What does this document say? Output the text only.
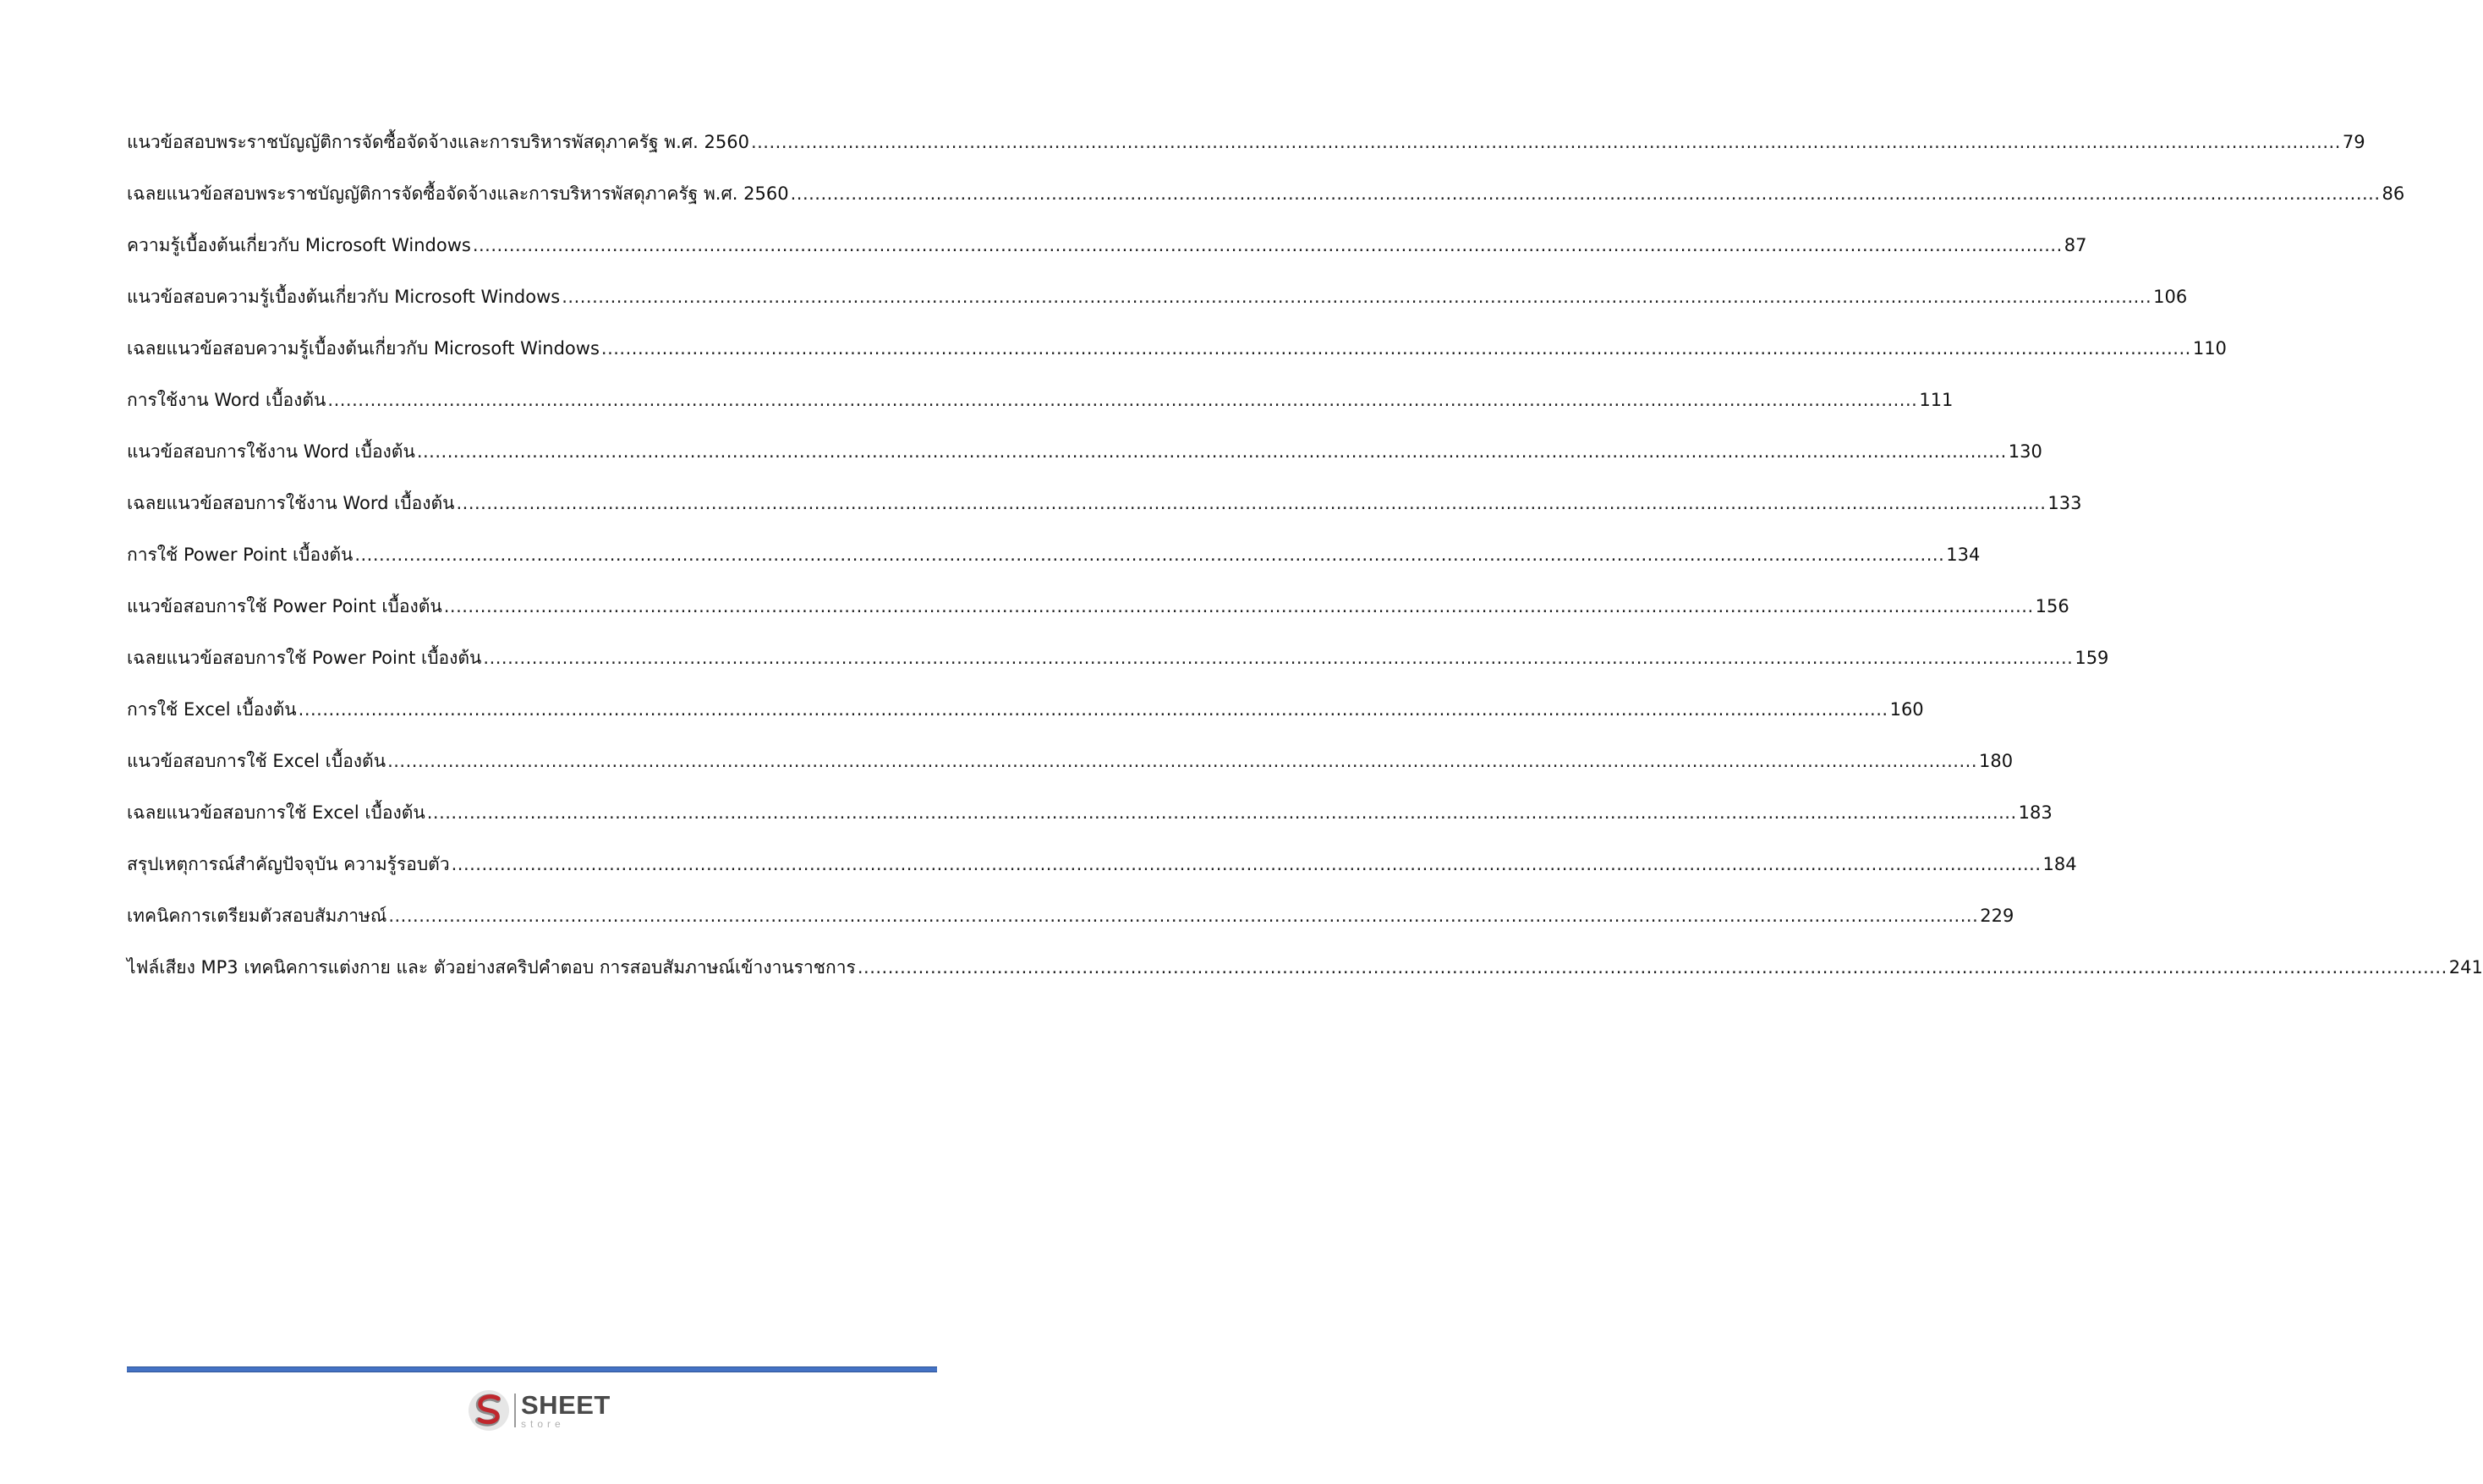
แนวข้อสอบพระราชบัญญัติการจัดซื้อจัดจ้างและการบริหารพัสดุภาครัฐ พ.ศ. 2560 .....	79
เฉลยแนวข้อสอบพระราชบัญญัติการจัดซื้อจัดจ้างและการบริหารพัสดุภาครัฐ พ.ศ. 2560 .....	86
ความรู้เบื้องต้นเกี่ยวกับ Microsoft Windows .....	87
แนวข้อสอบความรู้เบื้องต้นเกี่ยวกับ Microsoft Windows .....	106
เฉลยแนวข้อสอบความรู้เบื้องต้นเกี่ยวกับ Microsoft Windows .....	110
การใช้งาน Word เบื้องต้น .....	111
แนวข้อสอบการใช้งาน Word เบื้องต้น .....	130
เฉลยแนวข้อสอบการใช้งาน Word เบื้องต้น .....	133
การใช้ Power Point เบื้องต้น .....	134
แนวข้อสอบการใช้ Power Point เบื้องต้น .....	156
เฉลยแนวข้อสอบการใช้ Power Point เบื้องต้น .....	159
การใช้ Excel เบื้องต้น .....	160
แนวข้อสอบการใช้ Excel เบื้องต้น .....	180
เฉลยแนวข้อสอบการใช้ Excel เบื้องต้น .....	183
สรุปเหตุการณ์สำคัญปัจจุบัน ความรู้รอบตัว .....	184
เทคนิคการเตรียมตัวสอบสัมภาษณ์ .....	229
ไฟล์เสียง MP3 เทคนิคการแต่งกาย และ ตัวอย่างสคริปคำตอบ การสอบสัมภาษณ์เข้างานราชการ .....	241
SHEET
store
